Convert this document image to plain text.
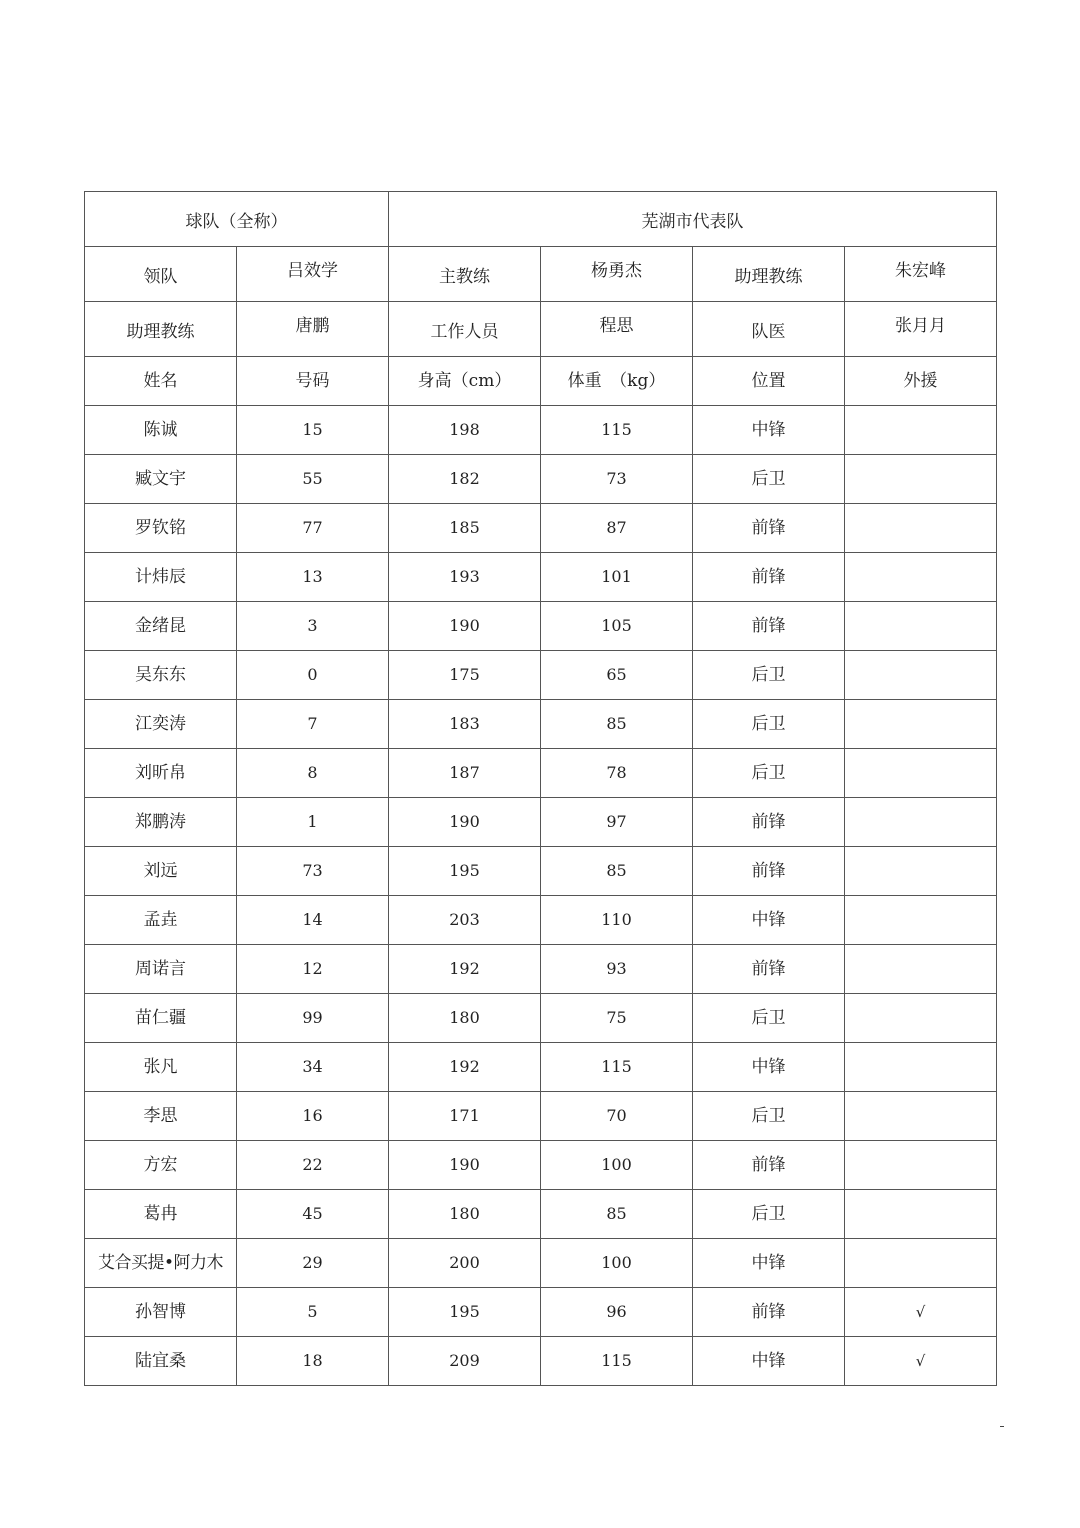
球队（全称）		芜湖市代表队			
领队	吕效学	主教练	杨勇杰	助理教练	朱宏峰
助理教练	唐鹏	工作人员	程思	队医	张月月
姓名	号码	身高（cm）	体重　（kg）	位置	外援
陈诚	15	198	115	中锋	
臧文宇	55	182	73	后卫	
罗钦铭	77	185	87	前锋	
计炜辰	13	193	101	前锋	
金绪昆	3	190	105	前锋	
吴东东	0	175	65	后卫	
江奕涛	7	183	85	后卫	
刘昕帛	8	187	78	后卫	
郑鹏涛	1	190	97	前锋	
刘远	73	195	85	前锋	
孟垚	14	203	110	中锋	
周诺言	12	192	93	前锋	
苗仁疆	99	180	75	后卫	
张凡	34	192	115	中锋	
李思	16	171	70	后卫	
方宏	22	190	100	前锋	
葛冉	45	180	85	后卫	
艾合买提•阿力木	29	200	100	中锋	
孙智博	5	195	96	前锋	√
陆宜桑	18	209	115	中锋	√
